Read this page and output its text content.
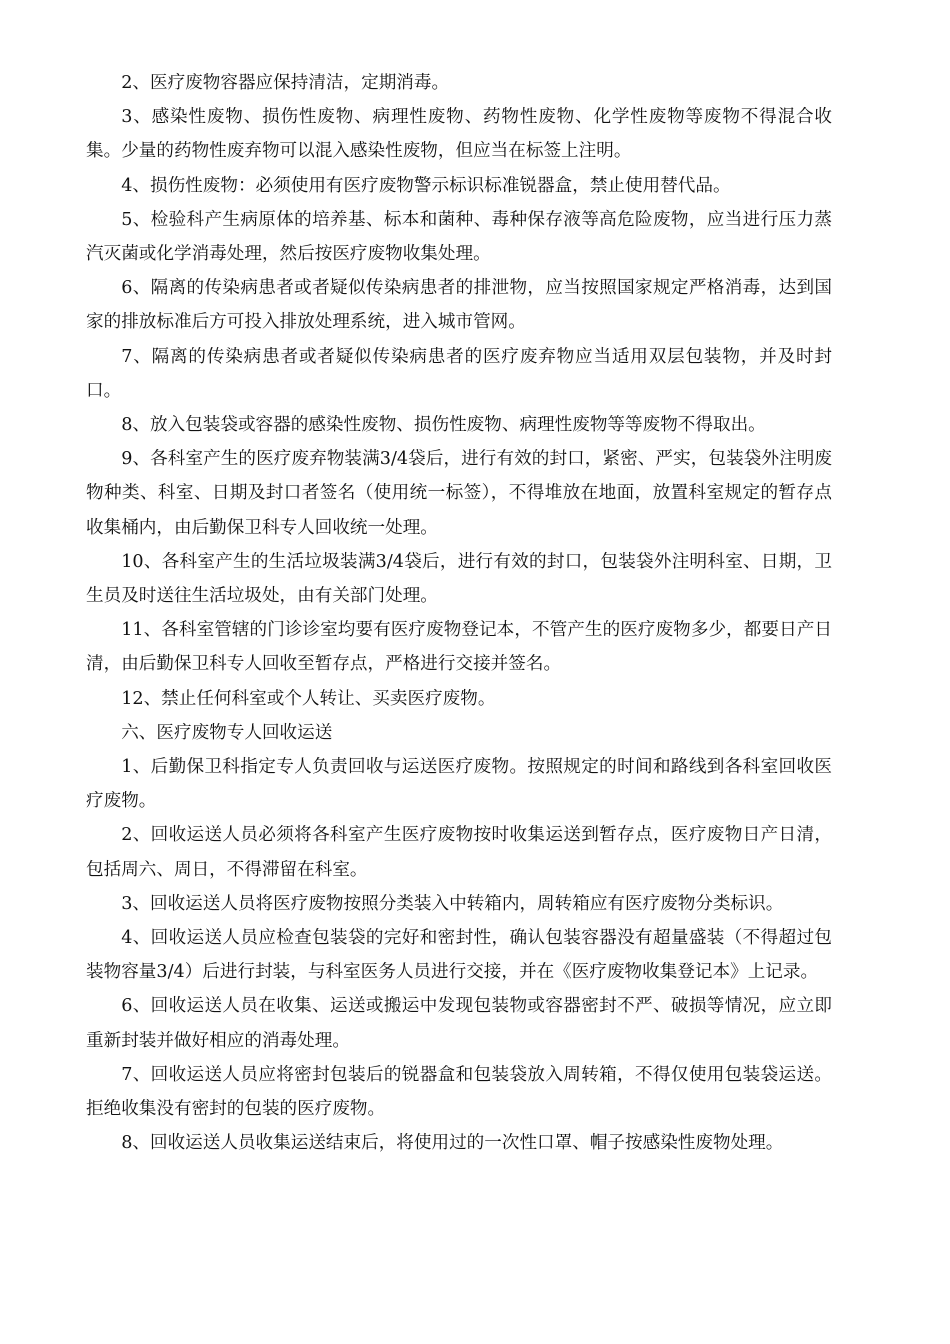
2、医疗废物容器应保持清洁，定期消毒。

3、感染性废物、损伤性废物、病理性废物、药物性废物、化学性废物等废物不得混合收集。少量的药物性废弃物可以混入感染性废物，但应当在标签上注明。

4、损伤性废物：必须使用有医疗废物警示标识标准锐器盒，禁止使用替代品。

5、检验科产生病原体的培养基、标本和菌种、毒种保存液等高危险废物，应当进行压力蒸汽灭菌或化学消毒处理，然后按医疗废物收集处理。

6、隔离的传染病患者或者疑似传染病患者的排泄物，应当按照国家规定严格消毒，达到国家的排放标准后方可投入排放处理系统，进入城市管网。

7、隔离的传染病患者或者疑似传染病患者的医疗废弃物应当适用双层包装物，并及时封口。

8、放入包装袋或容器的感染性废物、损伤性废物、病理性废物等等废物不得取出。

9、各科室产生的医疗废弃物装满3/4袋后，进行有效的封口，紧密、严实，包装袋外注明废物种类、科室、日期及封口者签名（使用统一标签），不得堆放在地面，放置科室规定的暂存点收集桶内，由后勤保卫科专人回收统一处理。

10、各科室产生的生活垃圾装满3/4袋后，进行有效的封口，包装袋外注明科室、日期，卫生员及时送往生活垃圾处，由有关部门处理。

11、各科室管辖的门诊诊室均要有医疗废物登记本，不管产生的医疗废物多少，都要日产日清，由后勤保卫科专人回收至暂存点，严格进行交接并签名。

12、禁止任何科室或个人转让、买卖医疗废物。

六、医疗废物专人回收运送

1、后勤保卫科指定专人负责回收与运送医疗废物。按照规定的时间和路线到各科室回收医疗废物。

2、回收运送人员必须将各科室产生医疗废物按时收集运送到暂存点，医疗废物日产日清，包括周六、周日，不得滞留在科室。

3、回收运送人员将医疗废物按照分类装入中转箱内，周转箱应有医疗废物分类标识。

4、回收运送人员应检查包装袋的完好和密封性，确认包装容器没有超量盛装（不得超过包装物容量3/4）后进行封装，与科室医务人员进行交接，并在《医疗废物收集登记本》上记录。

6、回收运送人员在收集、运送或搬运中发现包装物或容器密封不严、破损等情况，应立即重新封装并做好相应的消毒处理。

7、回收运送人员应将密封包装后的锐器盒和包装袋放入周转箱，不得仅使用包装袋运送。拒绝收集没有密封的包装的医疗废物。

8、回收运送人员收集运送结束后，将使用过的一次性口罩、帽子按感染性废物处理。
